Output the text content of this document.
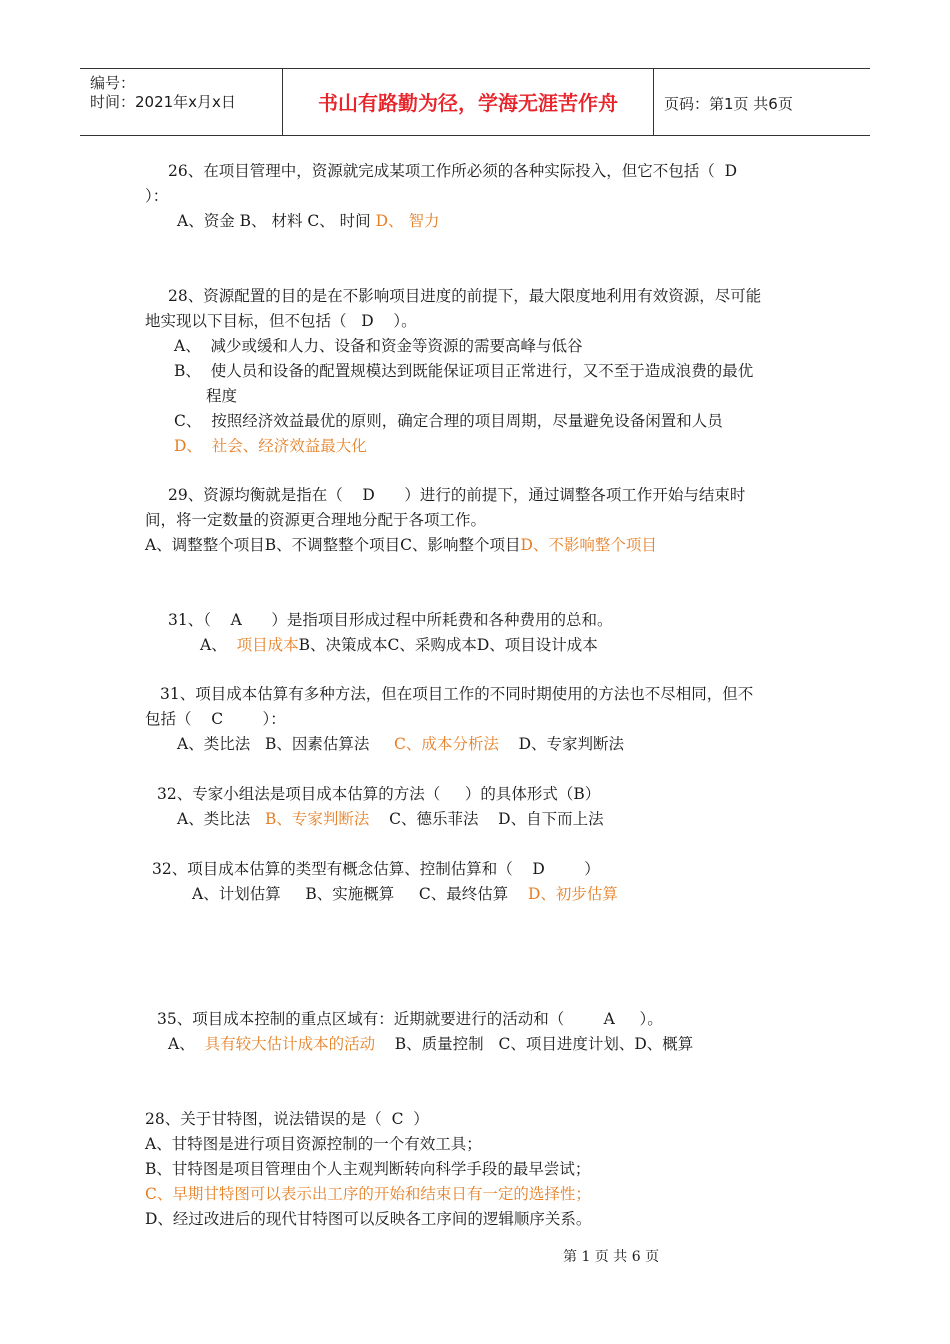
编号：
时间：2021年x月x日	书山有路勤为径，学海无涯苦作舟	页码：第1页 共6页
26、在项目管理中，资源就完成某项工作所必须的各种实际投入，但它不包括（  D
）：
A、资金 B、 材料 C、 时间 D、 智力
28、资源配置的目的是在不影响项目进度的前提下，最大限度地利用有效资源，尽可能
地实现以下目标，但不包括（   D    ）。
A、  减少或缓和人力、设备和资金等资源的需要高峰与低谷
B、  使人员和设备的配置规模达到既能保证项目正常进行，又不至于造成浪费的最优
程度
C、  按照经济效益最优的原则，确定合理的项目周期，尽量避免设备闲置和人员
D、  社会、经济效益最大化
29、资源均衡就是指在（    D      ）进行的前提下，通过调整各项工作开始与结束时
间，将一定数量的资源更合理地分配于各项工作。
A、调整整个项目B、不调整整个项目C、影响整个项目D、不影响整个项目
31、（    A      ）是指项目形成过程中所耗费和各种费用的总和。
A、  项目成本B、决策成本C、采购成本D、项目设计成本
31、项目成本估算有多种方法，但在项目工作的不同时期使用的方法也不尽相同，但不
包括（    C        ）：
A、类比法   B、因素估算法     C、成本分析法    D、专家判断法
32、专家小组法是项目成本估算的方法（     ）的具体形式（B）
A、类比法   B、专家判断法    C、德乐菲法    D、自下而上法
32、项目成本估算的类型有概念估算、控制估算和（    D        ）
A、计划估算     B、实施概算     C、最终估算    D、初步估算
35、项目成本控制的重点区域有：近期就要进行的活动和（        A     ）。
A、  具有较大估计成本的活动    B、质量控制   C、项目进度计划、D、概算
28、关于甘特图，说法错误的是（  C  ）
A、甘特图是进行项目资源控制的一个有效工具；
B、甘特图是项目管理由个人主观判断转向科学手段的最早尝试；
C、早期甘特图可以表示出工序的开始和结束日有一定的选择性；
D、经过改进后的现代甘特图可以反映各工序间的逻辑顺序关系。
第 1 页 共 6 页
